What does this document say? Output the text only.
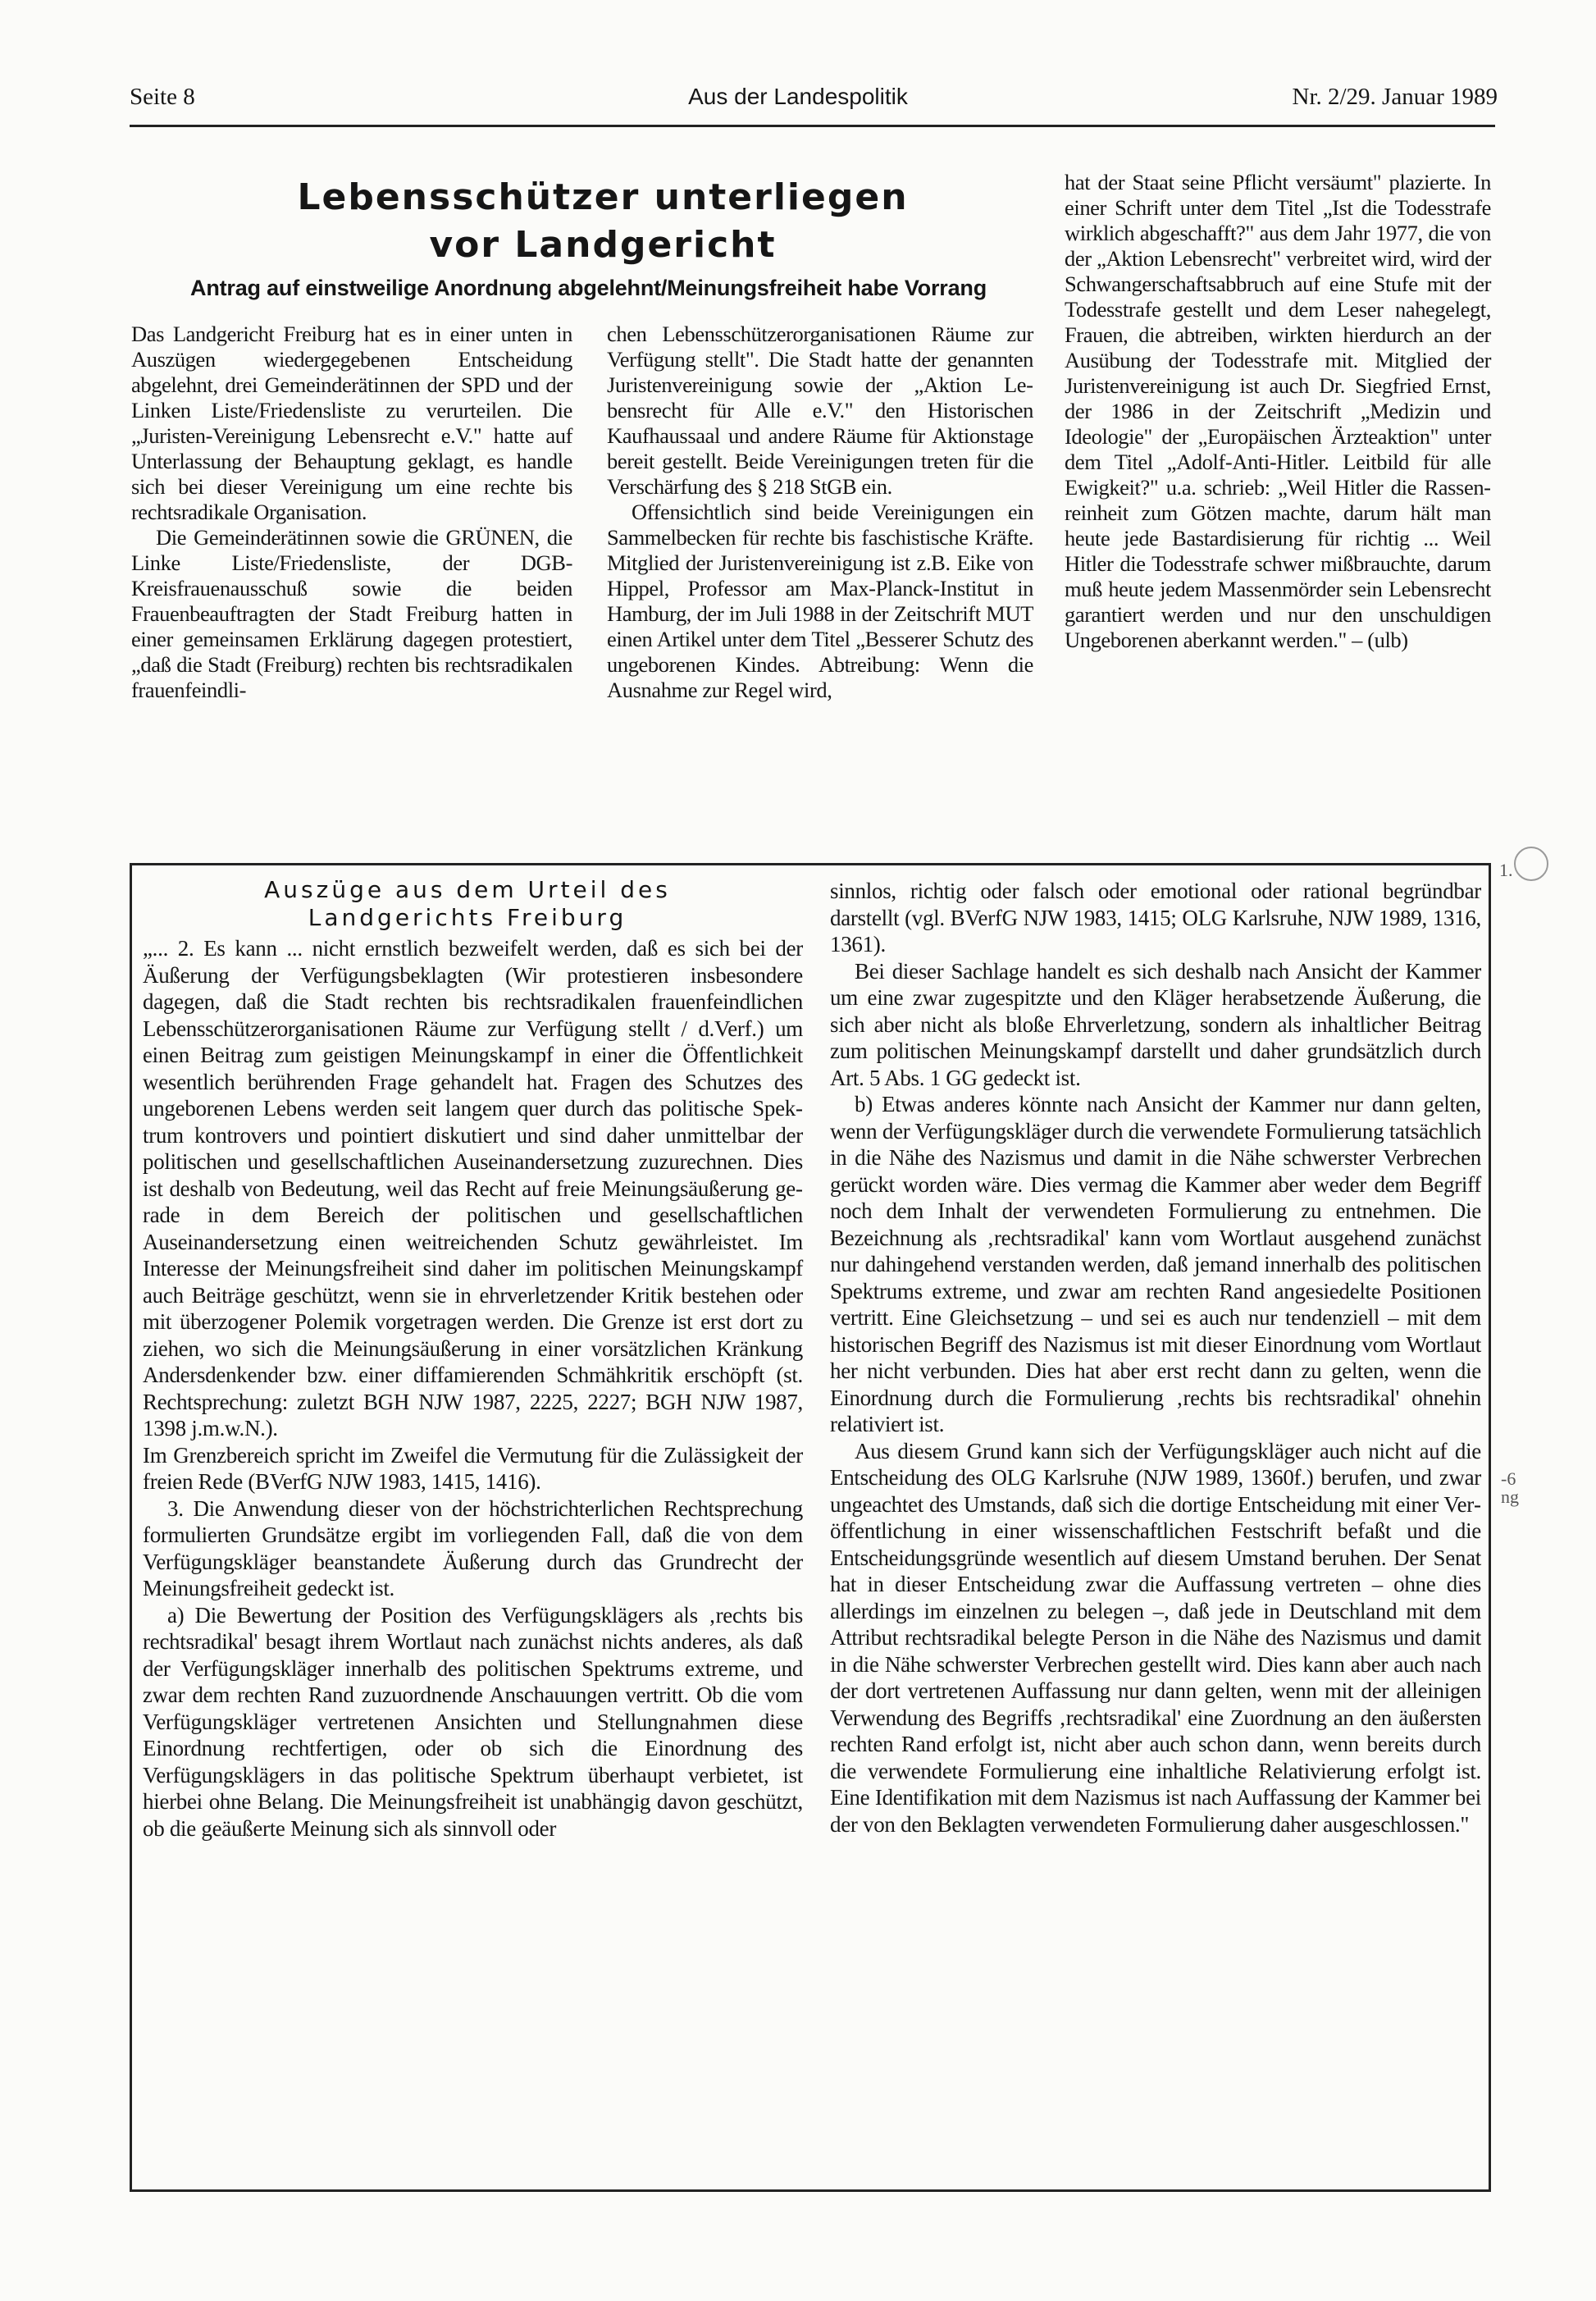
Seite 8	Aus der Landespolitik	Nr. 2/29. Januar 1989
Lebensschützer unterliegen
vor Landgericht
Antrag auf einstweilige Anordnung abgelehnt/Meinungsfreiheit habe Vorrang

Das Landgericht Freiburg hat es in einer unten in Auszügen wiedergegebenen Entscheidung abgelehnt, drei Gemeinderätinnen der SPD und der Linken Liste/Friedensliste zu verurteilen. Die „Juristen-Vereinigung Lebensrecht e.V." hatte auf Unterlassung der Behauptung geklagt, es handle sich bei dieser Vereinigung um eine rechte bis rechtsradikale Organisation.

Die Gemeinderätinnen sowie die GRÜNEN, die Linke Liste/Friedensliste, der DGB-Kreisfrauenausschuß sowie die beiden Frauenbeauftragten der Stadt Freiburg hatten in einer gemeinsamen Erklärung dagegen protestiert, „daß die Stadt (Freiburg) rechten bis rechtsradikalen frauenfeindli-

chen Lebensschützerorganisationen Räume zur Verfügung stellt". Die Stadt hatte der genannten Juristenvereinigung sowie der „Aktion Lebensrecht für Alle e.V." den Historischen Kaufhaussaal und andere Räume für Aktionstage bereit gestellt. Beide Vereinigungen treten für die Verschärfung des § 218 StGB ein.

Offensichtlich sind beide Vereinigungen ein Sammelbecken für rechte bis faschistische Kräfte. Mitglied der Juristenvereinigung ist z.B. Eike von Hippel, Professor am Max-Planck-Institut in Hamburg, der im Juli 1988 in der Zeitschrift MUT einen Artikel unter dem Titel „Besserer Schutz des ungeborenen Kindes. Abtreibung: Wenn die Ausnahme zur Regel wird,

hat der Staat seine Pflicht versäumt" plazierte. In einer Schrift unter dem Titel „Ist die Todesstrafe wirklich abgeschafft?" aus dem Jahr 1977, die von der „Aktion Lebensrecht" verbreitet wird, wird der Schwangerschaftsabbruch auf eine Stufe mit der Todesstrafe gestellt und dem Leser nahegelegt, Frauen, die abtreiben, wirkten hierdurch an der Ausübung der Todesstrafe mit. Mitglied der Juristenvereinigung ist auch Dr. Siegfried Ernst, der 1986 in der Zeitschrift „Medizin und Ideologie" der „Europäischen Ärzteaktion" unter dem Titel „Adolf-Anti-Hitler. Leitbild für alle Ewigkeit?" u.a. schrieb: „Weil Hitler die Rassenreinheit zum Götzen machte, darum hält man heute jede Bastardisierung für richtig ... Weil Hitler die Todesstrafe schwer mißbrauchte, darum muß heute jedem Massenmörder sein Lebensrecht garantiert werden und nur den unschuldigen Ungeborenen aberkannt werden." – (ulb)

Auszüge aus dem Urteil des
Landgerichts Freiburg

„... 2. Es kann ... nicht ernstlich bezweifelt werden, daß es sich bei der Äußerung der Verfügungsbeklagten (Wir protestieren insbesondere dagegen, daß die Stadt rechten bis rechtsradikalen frauenfeindlichen Lebensschützerorganisationen Räume zur Verfügung stellt / d.Verf.) um einen Beitrag zum geistigen Meinungskampf in einer die Öffentlichkeit wesentlich berührenden Frage gehandelt hat. Fragen des Schutzes des ungeborenen Lebens werden seit langem quer durch das politische Spektrum kontrovers und pointiert diskutiert und sind daher unmittelbar der politischen und gesellschaftlichen Auseinandersetzung zuzurechnen. Dies ist deshalb von Bedeutung, weil das Recht auf freie Meinungsäußerung gerade in dem Bereich der politischen und gesellschaftlichen Auseinandersetzung einen weitreichenden Schutz gewährleistet. Im Interesse der Meinungsfreiheit sind daher im politischen Meinungskampf auch Beiträge geschützt, wenn sie in ehrverletzender Kritik bestehen oder mit überzogener Polemik vorgetragen werden. Die Grenze ist erst dort zu ziehen, wo sich die Meinungsäußerung in einer vorsätzlichen Kränkung Andersdenkender bzw. einer diffamierenden Schmähkritik erschöpft (st. Rechtsprechung: zuletzt BGH NJW 1987, 2225, 2227; BGH NJW 1987, 1398 j.m.w.N.).

Im Grenzbereich spricht im Zweifel die Vermutung für die Zulässigkeit der freien Rede (BVerfG NJW 1983, 1415, 1416).

3. Die Anwendung dieser von der höchstrichterlichen Rechtsprechung formulierten Grundsätze ergibt im vorliegenden Fall, daß die von dem Verfügungskläger beanstandete Äußerung durch das Grundrecht der Meinungsfreiheit gedeckt ist.

a) Die Bewertung der Position des Verfügungsklägers als ‚rechts bis rechtsradikal' besagt ihrem Wortlaut nach zunächst nichts anderes, als daß der Verfügungskläger innerhalb des politischen Spektrums extreme, und zwar dem rechten Rand zuzuordnende Anschauungen vertritt. Ob die vom Verfügungskläger vertretenen Ansichten und Stellungnahmen diese Einordnung rechtfertigen, oder ob sich die Einordnung des Verfügungsklägers in das politische Spektrum überhaupt verbietet, ist hierbei ohne Belang. Die Meinungsfreiheit ist unabhängig davon geschützt, ob die geäußerte Meinung sich als sinnvoll oder

sinnlos, richtig oder falsch oder emotional oder rational begründbar darstellt (vgl. BVerfG NJW 1983, 1415; OLG Karlsruhe, NJW 1989, 1316, 1361).

Bei dieser Sachlage handelt es sich deshalb nach Ansicht der Kammer um eine zwar zugespitzte und den Kläger herabsetzende Äußerung, die sich aber nicht als bloße Ehrverletzung, sondern als inhaltlicher Beitrag zum politischen Meinungskampf darstellt und daher grundsätzlich durch Art. 5 Abs. 1 GG gedeckt ist.

b) Etwas anderes könnte nach Ansicht der Kammer nur dann gelten, wenn der Verfügungskläger durch die verwendete Formulierung tatsächlich in die Nähe des Nazismus und damit in die Nähe schwerster Verbrechen gerückt worden wäre. Dies vermag die Kammer aber weder dem Begriff noch dem Inhalt der verwendeten Formulierung zu entnehmen. Die Bezeichnung als ‚rechtsradikal' kann vom Wortlaut ausgehend zunächst nur dahingehend verstanden werden, daß jemand innerhalb des politischen Spektrums extreme, und zwar am rechten Rand angesiedelte Positionen vertritt. Eine Gleichsetzung – und sei es auch nur tendenziell – mit dem historischen Begriff des Nazismus ist mit dieser Einordnung vom Wortlaut her nicht verbunden. Dies hat aber erst recht dann zu gelten, wenn die Einordnung durch die Formulierung ‚rechts bis rechtsradikal' ohnehin relativiert ist.

Aus diesem Grund kann sich der Verfügungskläger auch nicht auf die Entscheidung des OLG Karlsruhe (NJW 1989, 1360f.) berufen, und zwar ungeachtet des Umstands, daß sich die dortige Entscheidung mit einer Veröffentlichung in einer wissenschaftlichen Festschrift befaßt und die Entscheidungsgründe wesentlich auf diesem Umstand beruhen. Der Senat hat in dieser Entscheidung zwar die Auffassung vertreten – ohne dies allerdings im einzelnen zu belegen –, daß jede in Deutschland mit dem Attribut rechtsradikal belegte Person in die Nähe des Nazismus und damit in die Nähe schwerster Verbrechen gestellt wird. Dies kann aber auch nach der dort vertretenen Auffassung nur dann gelten, wenn mit der alleinigen Verwendung des Begriffs ‚rechtsradikal' eine Zuordnung an den äußersten rechten Rand erfolgt ist, nicht aber auch schon dann, wenn bereits durch die verwendete Formulierung eine inhaltliche Relativierung erfolgt ist. Eine Identifikation mit dem Nazismus ist nach Auffassung der Kammer bei der von den Beklagten verwendeten Formulierung daher ausgeschlossen."

1.
-6
ng
